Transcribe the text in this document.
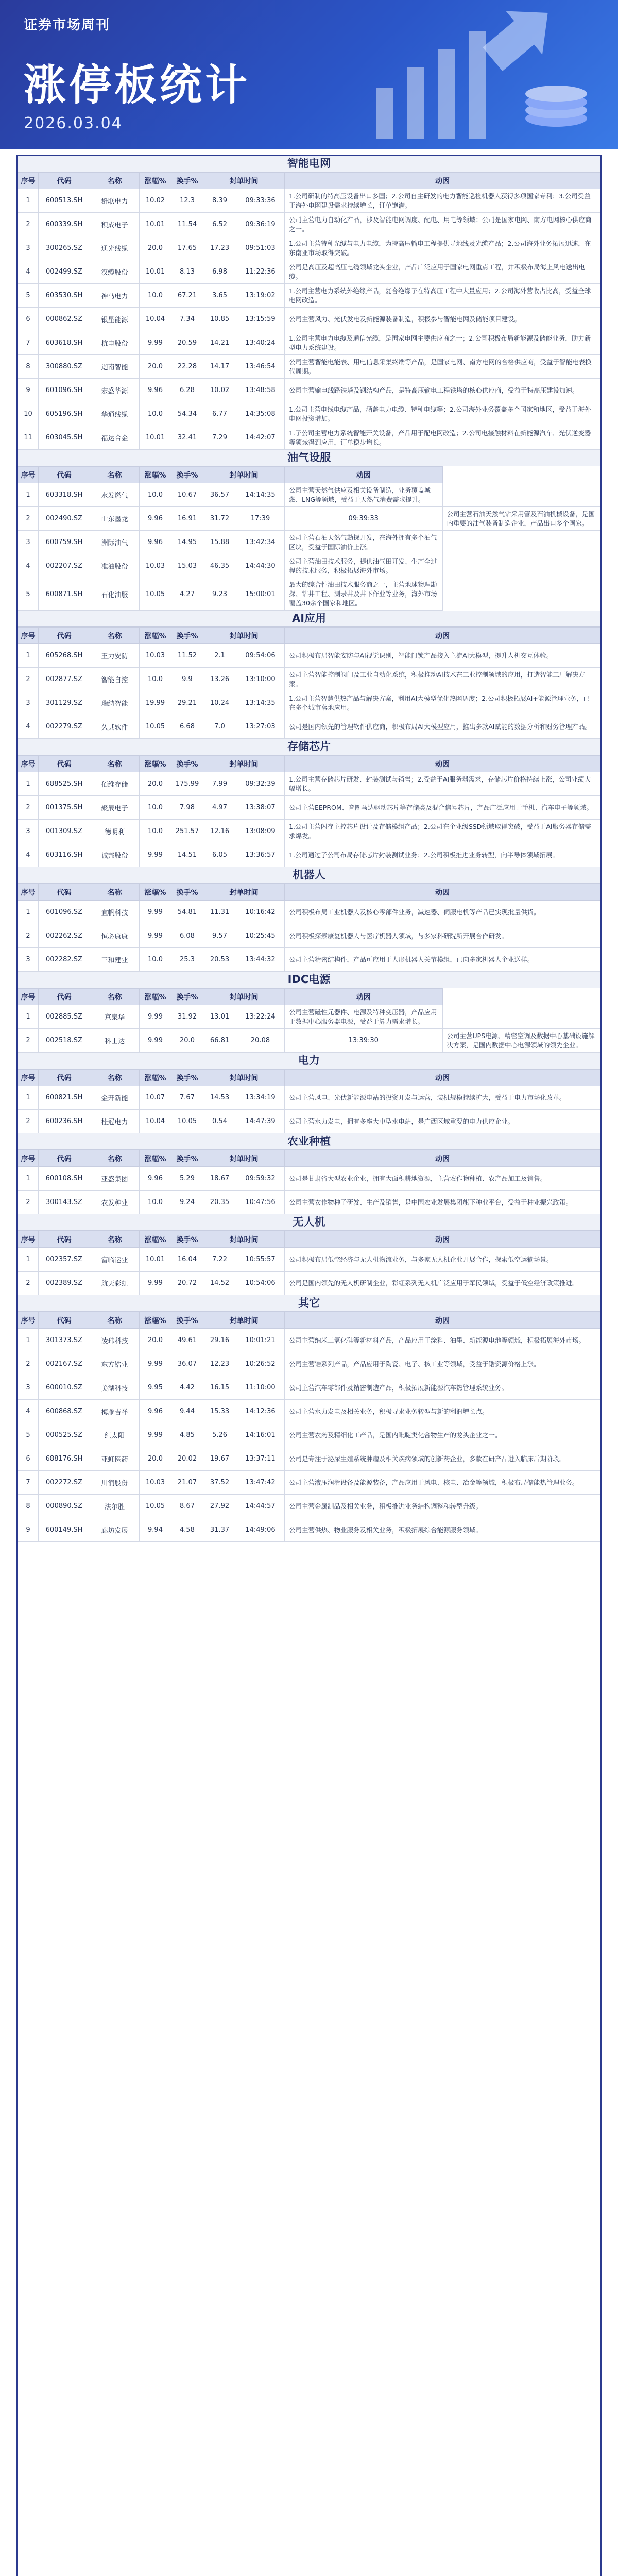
证券市场周刊
涨停板统计
2026.03.04
智能电网
序号	代码	名称	涨幅%	换手%	封单时间		动因
1	600513.SH	群联电力	10.02	12.3	8.39	09:33:36	1.公司研制的特高压设备出口多国；2.公司自主研发的电力智能巡检机器人获得多项国家专利；3.公司受益于海外电网建设需求持续增长，订单饱满。
2	600339.SH	积成电子	10.01	11.54	6.52	09:36:19	公司主营电力自动化产品，涉及智能电网调度、配电、用电等领域；公司是国家电网、南方电网核心供应商之一。
3	300265.SZ	通光线缆	20.0	17.65	17.23	09:51:03	1.公司主营特种光缆与电力电缆，为特高压输电工程提供导地线及光缆产品；2.公司海外业务拓展迅速，在东南亚市场取得突破。
4	002499.SZ	汉缆股份	10.01	8.13	6.98	11:22:36	公司是高压及超高压电缆领域龙头企业，产品广泛应用于国家电网重点工程，并积极布局海上风电送出电缆。
5	603530.SH	神马电力	10.0	67.21	3.65	13:19:02	1.公司主营电力系统外绝缘产品，复合绝缘子在特高压工程中大量应用；2.公司海外营收占比高，受益全球电网改造。
6	000862.SZ	银星能源	10.04	7.34	10.85	13:15:59	公司主营风力、光伏发电及新能源装备制造，积极参与智能电网及储能项目建设。
7	603618.SH	杭电股份	9.99	20.59	14.21	13:40:24	1.公司主营电力电缆及通信光缆，是国家电网主要供应商之一；2.公司积极布局新能源及储能业务，助力新型电力系统建设。
8	300880.SZ	迦南智能	20.0	22.28	14.17	13:46:54	公司主营智能电能表、用电信息采集终端等产品，是国家电网、南方电网的合格供应商，受益于智能电表换代周期。
9	601096.SH	宏盛华源	9.96	6.28	10.02	13:48:58	公司主营输电线路铁塔及钢结构产品，是特高压输电工程铁塔的核心供应商，受益于特高压建设加速。
10	605196.SH	华通线缆	10.0	54.34	6.77	14:35:08	1.公司主营电线电缆产品，涵盖电力电缆、特种电缆等；2.公司海外业务覆盖多个国家和地区，受益于海外电网投资增加。
11	603045.SH	福达合金	10.01	32.41	7.29	14:42:07	1.子公司主营电力系统智能开关设备，产品用于配电网改造；2.公司电接触材料在新能源汽车、光伏逆变器等领域得到应用，订单稳步增长。
油气设服
序号	代码	名称	涨幅%	换手%	封单时间		动因	
1	603318.SH	水发燃气	10.0	10.67	36.57	14:14:35	公司主营天然气供应及相关设备制造，业务覆盖城燃、LNG等领域，受益于天然气消费需求提升。	
2	002490.SZ	山东墨龙	9.96	16.91	31.72	17:39	09:39:33	公司主营石油天然气钻采用管及石油机械设备，是国内重要的油气装备制造企业，产品出口多个国家。
3	600759.SH	洲际油气	9.96	14.95	15.88	13:42:34	公司主营石油天然气勘探开发，在海外拥有多个油气区块，受益于国际油价上涨。	
4	002207.SZ	准油股份	10.03	15.03	46.35	14:44:30	公司主营油田技术服务，提供油气田开发、生产全过程的技术服务，积极拓展海外市场。	
5	600871.SH	石化油服	10.05	4.27	9.23	15:00:01	最大的综合性油田技术服务商之一，主营地球物理勘探、钻井工程、测录井及井下作业等业务，海外市场覆盖30余个国家和地区。	
AI应用
序号	代码	名称	涨幅%	换手%	封单时间		动因
1	605268.SH	王力安防	10.03	11.52	2.1	09:54:06	公司积极布局智能安防与AI视觉识别，智能门锁产品接入主流AI大模型，提升人机交互体验。
2	002877.SZ	智能自控	10.0	9.9	13.26	13:10:00	公司主营智能控制阀门及工业自动化系统，积极推动AI技术在工业控制领域的应用，打造智能工厂解决方案。
3	301129.SZ	瑞纳智能	19.99	29.21	10.24	13:14:35	1.公司主营智慧供热产品与解决方案，利用AI大模型优化热网调度；2.公司积极拓展AI+能源管理业务，已在多个城市落地应用。
4	002279.SZ	久其软件	10.05	6.68	7.0	13:27:03	公司是国内领先的管理软件供应商，积极布局AI大模型应用，推出多款AI赋能的数据分析和财务管理产品。
存储芯片
序号	代码	名称	涨幅%	换手%	封单时间		动因
1	688525.SH	佰维存储	20.0	175.99	7.99	09:32:39	1.公司主营存储芯片研发、封装测试与销售；2.受益于AI服务器需求，存储芯片价格持续上涨，公司业绩大幅增长。
2	001375.SH	聚辰电子	10.0	7.98	4.97	13:38:07	公司主营EEPROM、音圈马达驱动芯片等存储类及混合信号芯片，产品广泛应用于手机、汽车电子等领域。
3	001309.SZ	德明利	10.0	251.57	12.16	13:08:09	1.公司主营闪存主控芯片设计及存储模组产品；2.公司在企业级SSD领域取得突破，受益于AI服务器存储需求爆发。
4	603116.SH	诚邦股份	9.99	14.51	6.05	13:36:57	1.公司通过子公司布局存储芯片封装测试业务；2.公司积极推进业务转型，向半导体领域拓展。
机器人
序号	代码	名称	涨幅%	换手%	封单时间		动因
1	601096.SZ	宜帆科技	9.99	54.81	11.31	10:16:42	公司积极布局工业机器人及核心零部件业务，减速器、伺服电机等产品已实现批量供货。
2	002262.SZ	恒必康康	9.99	6.08	9.57	10:25:45	公司积极探索康复机器人与医疗机器人领域，与多家科研院所开展合作研发。
3	002282.SZ	三和建业	10.0	25.3	20.53	13:44:32	公司主营精密结构件，产品可应用于人形机器人关节模组，已向多家机器人企业送样。
IDC电源
序号	代码	名称	涨幅%	换手%	封单时间		动因	
1	002885.SZ	京泉华	9.99	31.92	13.01	13:22:24	公司主营磁性元器件、电源及特种变压器，产品应用于数据中心服务器电源，受益于算力需求增长。	
2	002518.SZ	科士达	9.99	20.0	66.81	20.08	13:39:30	公司主营UPS电源、精密空调及数据中心基础设施解决方案，是国内数据中心电源领域的领先企业。
电力
序号	代码	名称	涨幅%	换手%	封单时间		动因
1	600821.SH	金开新能	10.07	7.67	14.53	13:34:19	公司主营风电、光伏新能源电站的投资开发与运营，装机规模持续扩大，受益于电力市场化改革。
2	600236.SH	桂冠电力	10.04	10.05	0.54	14:47:39	公司主营水力发电，拥有多座大中型水电站，是广西区域重要的电力供应企业。
农业种植
序号	代码	名称	涨幅%	换手%	封单时间		动因
1	600108.SH	亚盛集团	9.96	5.29	18.67	09:59:32	公司是甘肃省大型农业企业，拥有大面积耕地资源，主营农作物种植、农产品加工及销售。
2	300143.SZ	农发种业	10.0	9.24	20.35	10:47:56	公司主营农作物种子研发、生产及销售，是中国农业发展集团旗下种业平台，受益于种业振兴政策。
无人机
序号	代码	名称	涨幅%	换手%	封单时间		动因
1	002357.SZ	富临运业	10.01	16.04	7.22	10:55:57	公司积极布局低空经济与无人机物流业务，与多家无人机企业开展合作，探索低空运输场景。
2	002389.SZ	航天彩虹	9.99	20.72	14.52	10:54:06	公司是国内领先的无人机研制企业，彩虹系列无人机广泛应用于军民领域，受益于低空经济政策推进。
其它
序号	代码	名称	涨幅%	换手%	封单时间		动因
1	301373.SZ	凌玮科技	20.0	49.61	29.16	10:01:21	公司主营纳米二氧化硅等新材料产品，产品应用于涂料、油墨、新能源电池等领域，积极拓展海外市场。
2	002167.SZ	东方锆业	9.99	36.07	12.23	10:26:52	公司主营锆系列产品，产品应用于陶瓷、电子、核工业等领域，受益于锆资源价格上涨。
3	600010.SZ	美湖科技	9.95	4.42	16.15	11:10:00	公司主营汽车零部件及精密制造产品，积极拓展新能源汽车热管理系统业务。
4	600868.SZ	梅雁吉祥	9.96	9.44	15.33	14:12:36	公司主营水力发电及相关业务，积极寻求业务转型与新的利润增长点。
5	000525.SZ	红太阳	9.99	4.85	5.26	14:16:01	公司主营农药及精细化工产品，是国内吡啶类化合物生产的龙头企业之一。
6	688176.SH	亚虹医药	20.0	20.02	19.67	13:37:11	公司是专注于泌尿生殖系统肿瘤及相关疾病领域的创新药企业，多款在研产品进入临床后期阶段。
7	002272.SZ	川润股份	10.03	21.07	37.52	13:47:42	公司主营液压润滑设备及能源装备，产品应用于风电、核电、冶金等领域，积极布局储能热管理业务。
8	000890.SZ	法尔胜	10.05	8.67	27.92	14:44:57	公司主营金属制品及相关业务，积极推进业务结构调整和转型升级。
9	600149.SH	廊坊发展	9.94	4.58	31.37	14:49:06	公司主营供热、物业服务及相关业务，积极拓展综合能源服务领域。
